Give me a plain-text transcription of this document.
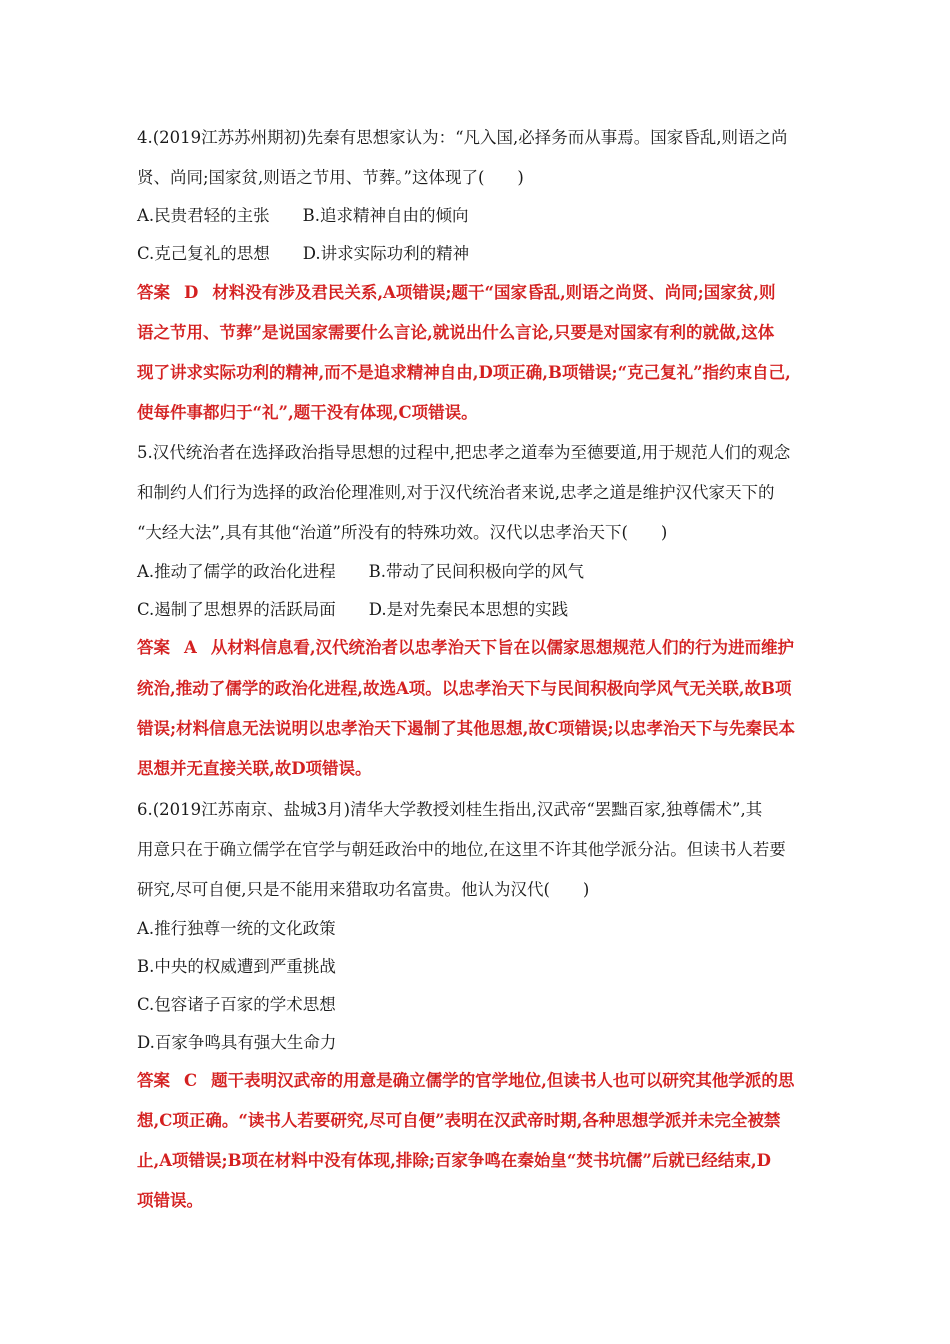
4.(2019江苏苏州期初)先秦有思想家认为：“凡入国,必择务而从事焉。国家昏乱,则语之尚
贤、尚同;国家贫,则语之节用、节葬。”这体现了(　　)
A.民贵君轻的主张　　B.追求精神自由的倾向
C.克己复礼的思想　　D.讲求实际功利的精神
答案 D 材料没有涉及君民关系,A项错误;题干“国家昏乱,则语之尚贤、尚同;国家贫,则
语之节用、节葬”是说国家需要什么言论,就说出什么言论,只要是对国家有利的就做,这体
现了讲求实际功利的精神,而不是追求精神自由,D项正确,B项错误;“克己复礼”指约束自己,
使每件事都归于“礼”,题干没有体现,C项错误。
5.汉代统治者在选择政治指导思想的过程中,把忠孝之道奉为至德要道,用于规范人们的观念
和制约人们行为选择的政治伦理准则,对于汉代统治者来说,忠孝之道是维护汉代家天下的
“大经大法”,具有其他“治道”所没有的特殊功效。汉代以忠孝治天下(　　)
A.推动了儒学的政治化进程　　B.带动了民间积极向学的风气
C.遏制了思想界的活跃局面　　D.是对先秦民本思想的实践
答案 A 从材料信息看,汉代统治者以忠孝治天下旨在以儒家思想规范人们的行为进而维护
统治,推动了儒学的政治化进程,故选A项。以忠孝治天下与民间积极向学风气无关联,故B项
错误;材料信息无法说明以忠孝治天下遏制了其他思想,故C项错误;以忠孝治天下与先秦民本
思想并无直接关联,故D项错误。
6.(2019江苏南京、盐城3月)清华大学教授刘桂生指出,汉武帝“罢黜百家,独尊儒术”,其
用意只在于确立儒学在官学与朝廷政治中的地位,在这里不许其他学派分沾。但读书人若要
研究,尽可自便,只是不能用来猎取功名富贵。他认为汉代(　　)
A.推行独尊一统的文化政策
B.中央的权威遭到严重挑战
C.包容诸子百家的学术思想
D.百家争鸣具有强大生命力
答案 C 题干表明汉武帝的用意是确立儒学的官学地位,但读书人也可以研究其他学派的思
想,C项正确。“读书人若要研究,尽可自便”表明在汉武帝时期,各种思想学派并未完全被禁
止,A项错误;B项在材料中没有体现,排除;百家争鸣在秦始皇“焚书坑儒”后就已经结束,D
项错误。
